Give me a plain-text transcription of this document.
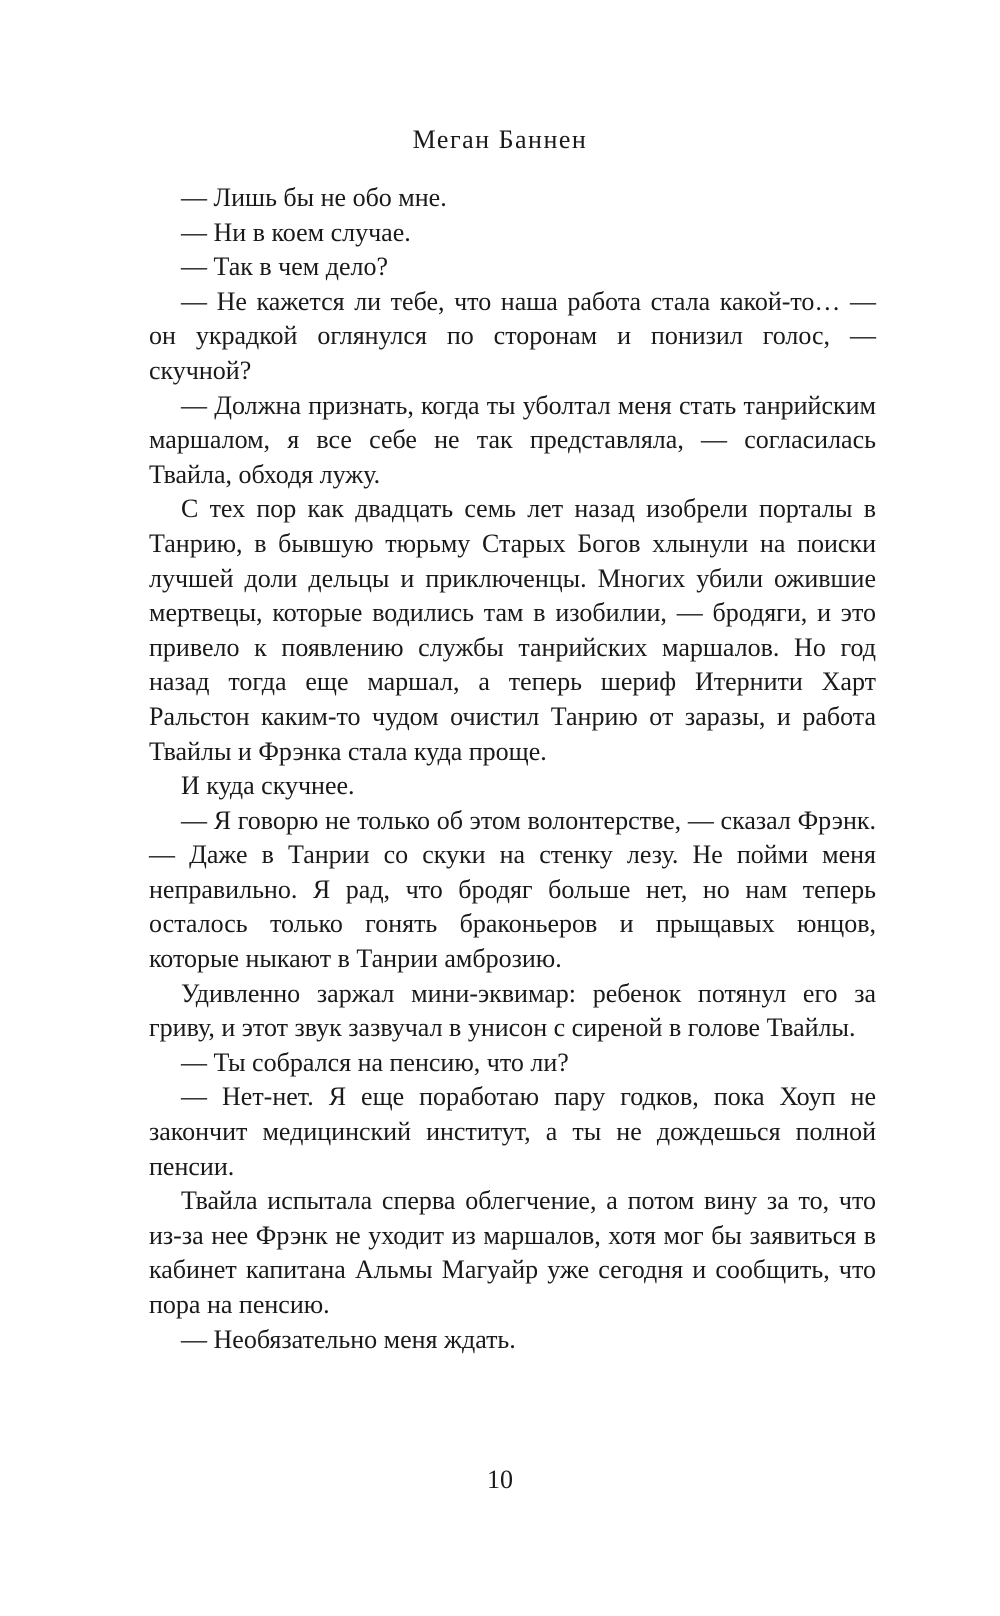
Меган Баннен

— Лишь бы не обо мне.

— Ни в коем случае.

— Так в чем дело?

— Не кажется ли тебе, что наша работа стала какой-то… — он украдкой оглянулся по сторонам и понизил голос, — скучной?

— Должна признать, когда ты уболтал меня стать танрийским маршалом, я все себе не так представляла, — согласилась Твайла, обходя лужу.

С тех пор как двадцать семь лет назад изобрели порталы в Танрию, в бывшую тюрьму Старых Богов хлынули на поиски лучшей доли дельцы и приключенцы. Многих убили ожившие мертвецы, которые водились там в изобилии, — бродяги, и это привело к появлению службы танрийских маршалов. Но год назад тогда еще маршал, а теперь шериф Итернити Харт Ральстон каким-то чудом очистил Танрию от заразы, и работа Твайлы и Фрэнка стала куда проще.

И куда скучнее.

— Я говорю не только об этом волонтерстве, — сказал Фрэнк. — Даже в Танрии со скуки на стенку лезу. Не пойми меня неправильно. Я рад, что бродяг больше нет, но нам теперь осталось только гонять браконьеров и прыщавых юнцов, которые ныкают в Танрии амброзию.

Удивленно заржал мини-эквимар: ребенок потянул его за гриву, и этот звук зазвучал в унисон с сиреной в голове Твайлы.

— Ты собрался на пенсию, что ли?

— Нет-нет. Я еще поработаю пару годков, пока Хоуп не закончит медицинский институт, а ты не дождешься полной пенсии.

Твайла испытала сперва облегчение, а потом вину за то, что из-за нее Фрэнк не уходит из маршалов, хотя мог бы заявиться в кабинет капитана Альмы Магуайр уже сегодня и сообщить, что пора на пенсию.

— Необязательно меня ждать.

10
